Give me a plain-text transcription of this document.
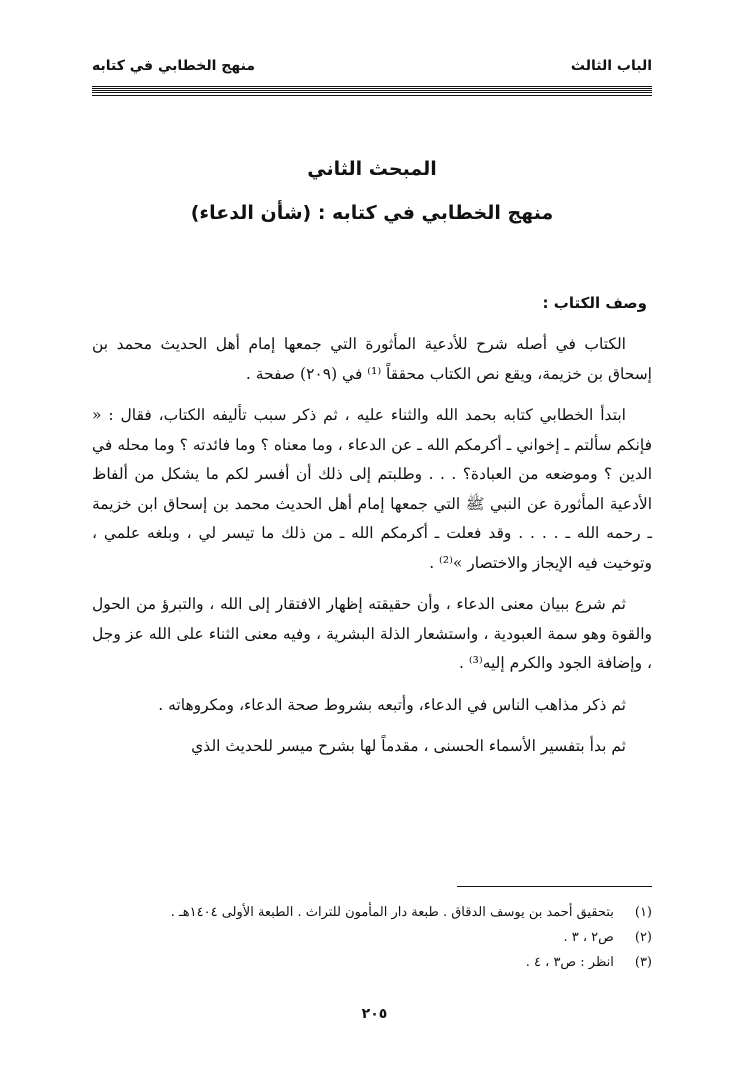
الباب الثالث
منهج الخطابي في كتابه
المبحث الثاني
منهج الخطابي في كتابه : (شأن الدعاء)
وصف الكتاب :

الكتاب في أصله شرح للأدعية المأثورة التي جمعها إمام أهل الحديث محمد بن إسحاق بن خزيمة، ويقع نص الكتاب محققاً ⁽¹⁾ في (٢٠٩) صفحة .

ابتدأ الخطابي كتابه بحمد الله والثناء عليه ، ثم ذكر سبب تأليفه الكتاب، فقال : « فإنكم سألتم ـ إخواني ـ أكرمكم الله ـ عن الدعاء ، وما معناه ؟ وما فائدته ؟ وما محله في الدين ؟ وموضعه من العبادة؟ . . . وطلبتم إلى ذلك أن أفسر لكم ما يشكل من ألفاظ الأدعية المأثورة عن النبي ﷺ التي جمعها إمام أهل الحديث محمد بن إسحاق ابن خزيمة ـ رحمه الله ـ . . . . وقد فعلت ـ أكرمكم الله ـ من ذلك ما تيسر لي ، وبلغه علمي ، وتوخيت فيه الإيجاز والاختصار »⁽²⁾ .

ثم شرع ببيان معنى الدعاء ، وأن حقيقته إظهار الافتقار إلى الله ، والتبرؤ من الحول والقوة وهو سمة العبودية ، واستشعار الذلة البشرية ، وفيه معنى الثناء على الله عز وجل ، وإضافة الجود والكرم إليه⁽³⁾ .

ثم ذكر مذاهب الناس في الدعاء، وأتبعه بشروط صحة الدعاء، ومكروهاته .

ثم بدأ بتفسير الأسماء الحسنى ، مقدماً لها بشرح ميسر للحديث الذي

(١) بتحقيق أحمد بن يوسف الدقاق . طبعة دار المأمون للتراث . الطبعة الأولى ١٤٠٤هـ .
(٢) ص٢ ، ٣ .
(٣) انظر : ص٣ ، ٤ .
٢٠٥
